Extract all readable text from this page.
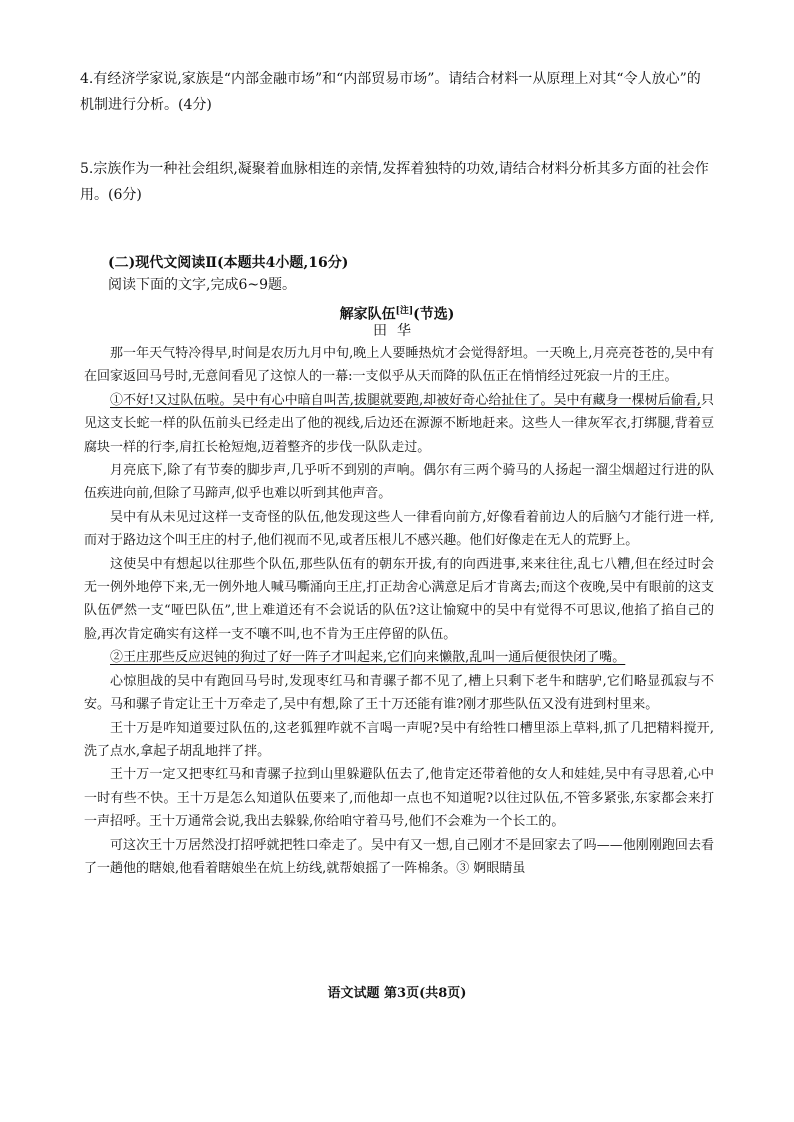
4.有经济学家说,家族是“内部金融市场”和“内部贸易市场”。请结合材料一从原理上对其“令人放心”的机制进行分析。(4分)

5.宗族作为一种社会组织,凝聚着血脉相连的亲情,发挥着独特的功效,请结合材料分析其多方面的社会作用。(6分)

(二)现代文阅读Ⅱ(本题共4小题,16分)

阅读下面的文字,完成6~9题。

解家队伍[注](节选)

田华

那一年天气特冷得早,时间是农历九月中旬,晚上人要睡热炕才会觉得舒坦。一天晚上,月亮亮苍苍的,吴中有在回家返回马号时,无意间看见了这惊人的一幕:一支似乎从天而降的队伍正在悄悄经过死寂一片的王庄。

①不好!又过队伍啦。吴中有心中暗自叫苦,拔腿就要跑,却被好奇心给扯住了。吴中有藏身一棵树后偷看,只见这支长蛇一样的队伍前头已经走出了他的视线,后边还在源源不断地赶来。这些人一律灰军衣,打绑腿,背着豆腐块一样的行李,肩扛长枪短炮,迈着整齐的步伐一队队走过。

月亮底下,除了有节奏的脚步声,几乎听不到别的声响。偶尔有三两个骑马的人扬起一溜尘烟超过行进的队伍疾进向前,但除了马蹄声,似乎也难以听到其他声音。

吴中有从未见过这样一支奇怪的队伍,他发现这些人一律看向前方,好像看着前边人的后脑勺才能行进一样,而对于路边这个叫王庄的村子,他们视而不见,或者压根儿不感兴趣。他们好像走在无人的荒野上。

这使吴中有想起以往那些个队伍,那些队伍有的朝东开拔,有的向西进事,来来往往,乱七八糟,但在经过时会无一例外地停下来,无一例外地人喊马嘶涌向王庄,打正劫舍心满意足后才肯离去;而这个夜晚,吴中有眼前的这支队伍俨然一支“哑巴队伍”,世上难道还有不会说话的队伍?这让愉窥中的吴中有觉得不可思议,他掐了掐自己的脸,再次肯定确实有这样一支不嚷不叫,也不肯为王庄停留的队伍。

②王庄那些反应迟钝的狗过了好一阵子才叫起来,它们向来懒散,乱叫一通后便很快闭了嘴。

心惊胆战的吴中有跑回马号时,发现枣红马和青骡子都不见了,槽上只剩下老牛和瞎驴,它们略显孤寂与不安。马和骡子肯定让王十万牵走了,吴中有想,除了王十万还能有谁?刚才那些队伍又没有进到村里来。

王十万是咋知道要过队伍的,这老狐狸咋就不言喝一声呢?吴中有给牲口槽里添上草料,抓了几把精料搅开,洗了点水,拿起子胡乱地拌了拌。

王十万一定又把枣红马和青骡子拉到山里躲避队伍去了,他肯定还带着他的女人和娃娃,吴中有寻思着,心中一时有些不快。王十万是怎么知道队伍要来了,而他却一点也不知道呢?以往过队伍,不管多紧张,东家都会来打一声招呼。王十万通常会说,我出去躲躲,你给咱守着马号,他们不会难为一个长工的。

可这次王十万居然没打招呼就把牲口牵走了。吴中有又一想,自己刚才不是回家去了吗——他刚刚跑回去看了一趟他的瞎娘,他看着瞎娘坐在炕上纺线,就帮娘摇了一阵棉条。③ 婀眼睛虽

语文试题 第3页(共8页)
